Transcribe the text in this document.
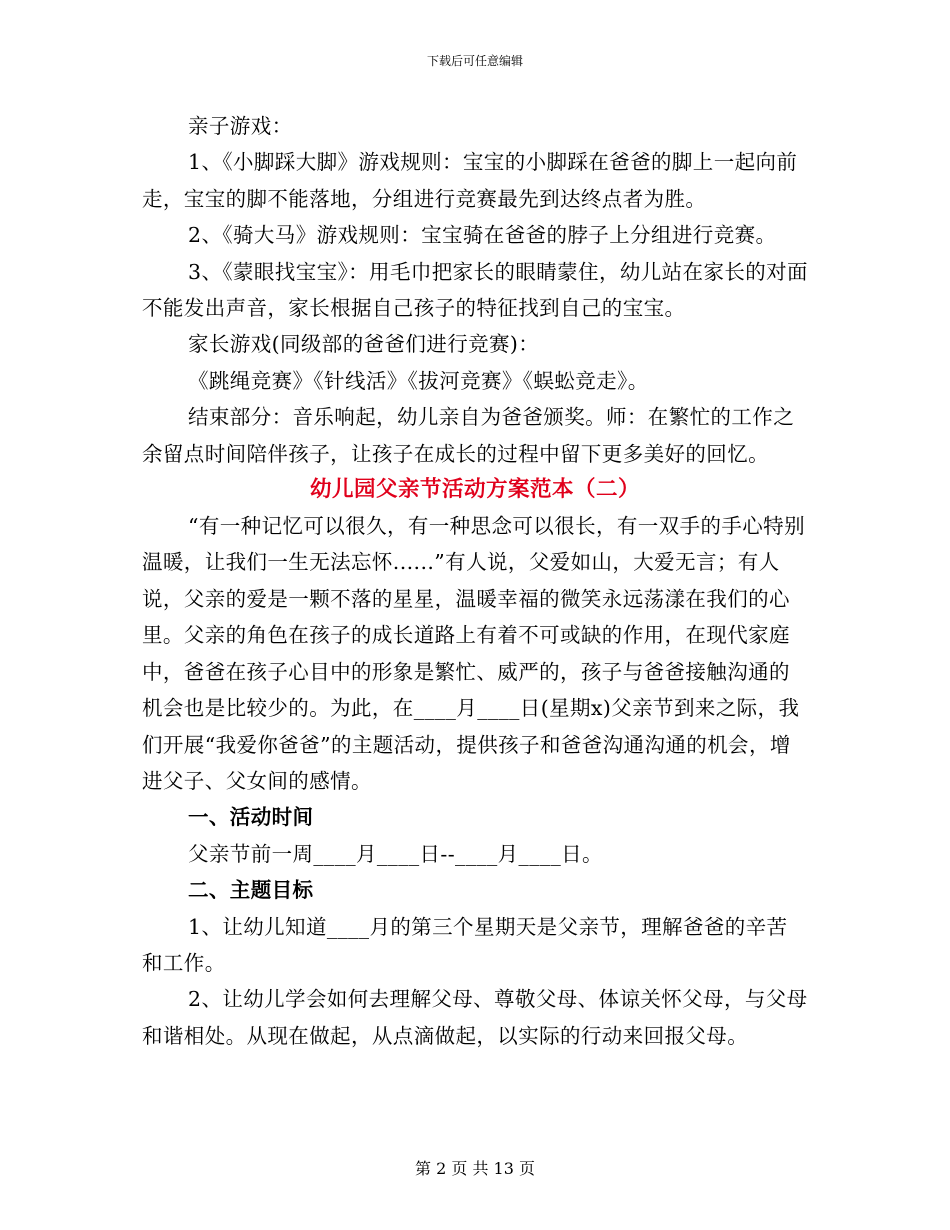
下载后可任意编辑

亲子游戏：

1、《小脚踩大脚》游戏规则：宝宝的小脚踩在爸爸的脚上一起向前走，宝宝的脚不能落地，分组进行竞赛最先到达终点者为胜。

2、《骑大马》游戏规则：宝宝骑在爸爸的脖子上分组进行竞赛。

3、《蒙眼找宝宝》：用毛巾把家长的眼睛蒙住，幼儿站在家长的对面不能发出声音，家长根据自己孩子的特征找到自己的宝宝。

家长游戏(同级部的爸爸们进行竞赛)：

《跳绳竞赛》《针线活》《拔河竞赛》《蜈蚣竞走》。

结束部分：音乐响起，幼儿亲自为爸爸颁奖。师：在繁忙的工作之余留点时间陪伴孩子，让孩子在成长的过程中留下更多美好的回忆。

幼儿园父亲节活动方案范本（二）

“有一种记忆可以很久，有一种思念可以很长，有一双手的手心特别温暖，让我们一生无法忘怀......”有人说，父爱如山，大爱无言；有人说，父亲的爱是一颗不落的星星，温暖幸福的微笑永远荡漾在我们的心里。父亲的角色在孩子的成长道路上有着不可或缺的作用，在现代家庭中，爸爸在孩子心目中的形象是繁忙、威严的，孩子与爸爸接触沟通的机会也是比较少的。为此，在____月____日(星期x)父亲节到来之际，我们开展“我爱你爸爸”的主题活动，提供孩子和爸爸沟通沟通的机会，增进父子、父女间的感情。

一、活动时间

父亲节前一周____月____日--____月____日。

二、主题目标

1、让幼儿知道____月的第三个星期天是父亲节，理解爸爸的辛苦和工作。

2、让幼儿学会如何去理解父母、尊敬父母、体谅关怀父母，与父母和谐相处。从现在做起，从点滴做起，以实际的行动来回报父母。

第 2 页 共 13 页
